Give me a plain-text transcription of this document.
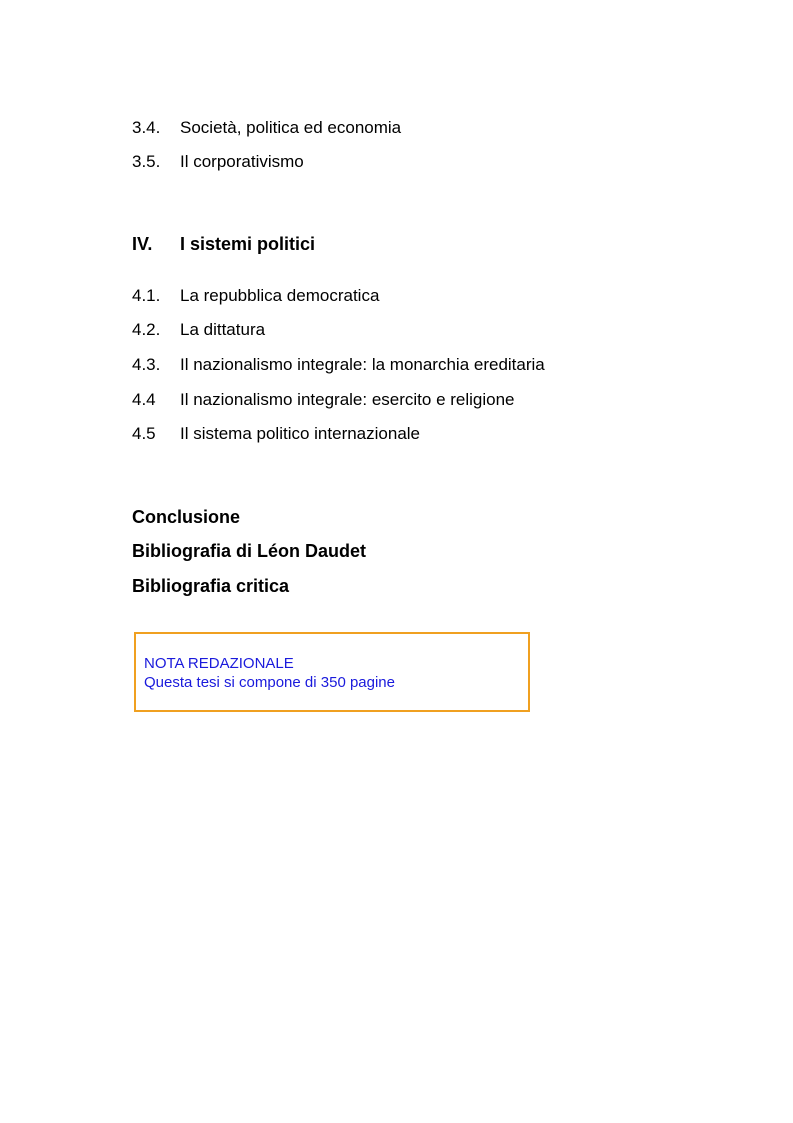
3.4. Società, politica ed economia
3.5. Il corporativismo
IV. I sistemi politici
4.1. La repubblica democratica
4.2. La dittatura
4.3. Il nazionalismo integrale: la monarchia ereditaria
4.4 Il nazionalismo integrale: esercito e religione
4.5 Il sistema politico internazionale
Conclusione
Bibliografia di Léon Daudet
Bibliografia critica
NOTA REDAZIONALE
Questa tesi si compone di 350 pagine
